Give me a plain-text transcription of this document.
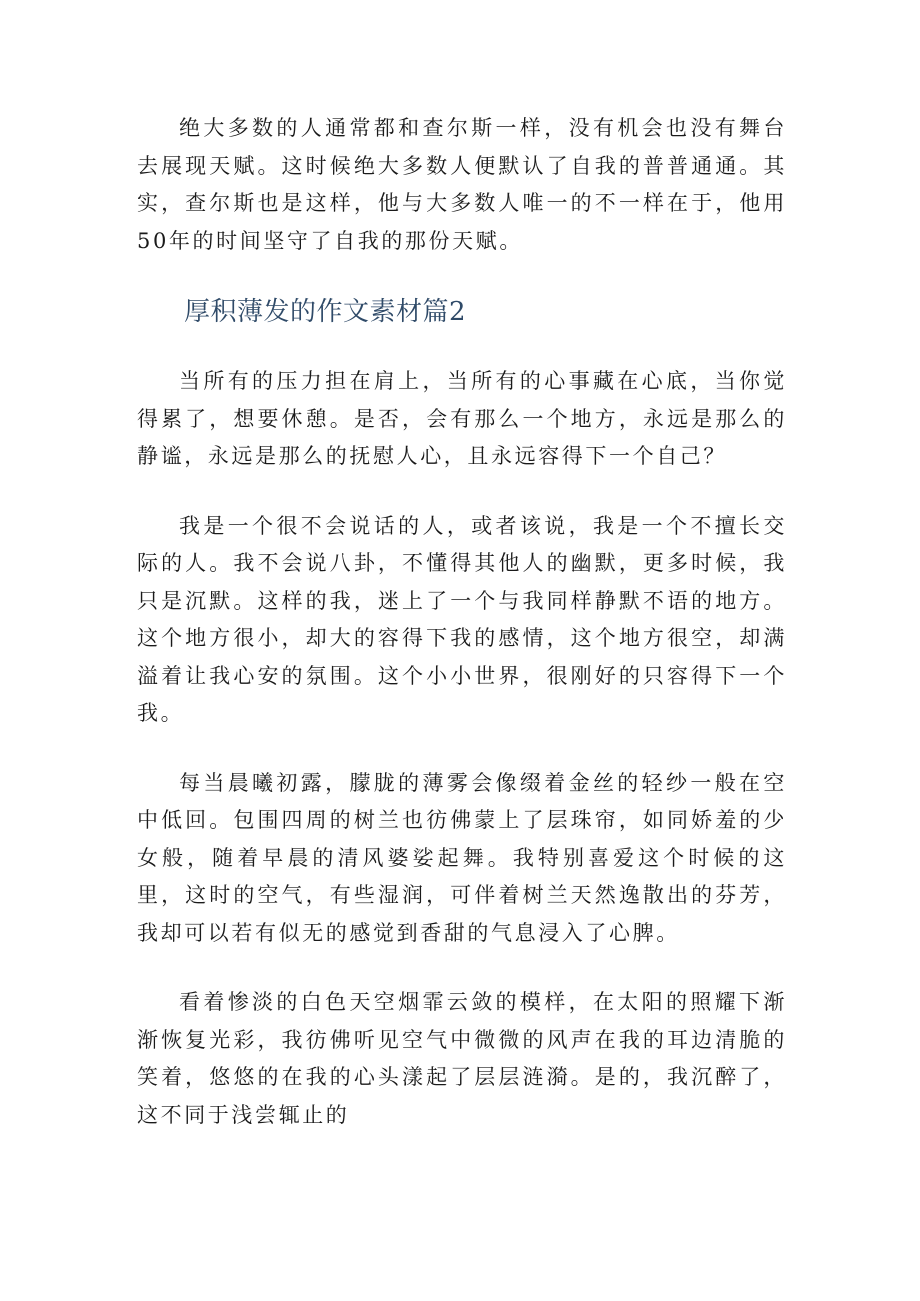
绝大多数的人通常都和查尔斯一样，没有机会也没有舞台去展现天赋。这时候绝大多数人便默认了自我的普普通通。其实，查尔斯也是这样，他与大多数人唯一的不一样在于，他用50年的时间坚守了自我的那份天赋。

厚积薄发的作文素材篇2

当所有的压力担在肩上，当所有的心事藏在心底，当你觉得累了，想要休憩。是否，会有那么一个地方，永远是那么的静谧，永远是那么的抚慰人心，且永远容得下一个自己？

我是一个很不会说话的人，或者该说，我是一个不擅长交际的人。我不会说八卦，不懂得其他人的幽默，更多时候，我只是沉默。这样的我，迷上了一个与我同样静默不语的地方。这个地方很小，却大的容得下我的感情，这个地方很空，却满溢着让我心安的氛围。这个小小世界，很刚好的只容得下一个我。

每当晨曦初露，朦胧的薄雾会像缀着金丝的轻纱一般在空中低回。包围四周的树兰也彷佛蒙上了层珠帘，如同娇羞的少女般，随着早晨的清风婆娑起舞。我特别喜爱这个时候的这里，这时的空气，有些湿润，可伴着树兰天然逸散出的芬芳，我却可以若有似无的感觉到香甜的气息浸入了心脾。

看着惨淡的白色天空烟霏云敛的模样，在太阳的照耀下渐渐恢复光彩，我彷佛听见空气中微微的风声在我的耳边清脆的笑着，悠悠的在我的心头漾起了层层涟漪。是的，我沉醉了，这不同于浅尝辄止的
